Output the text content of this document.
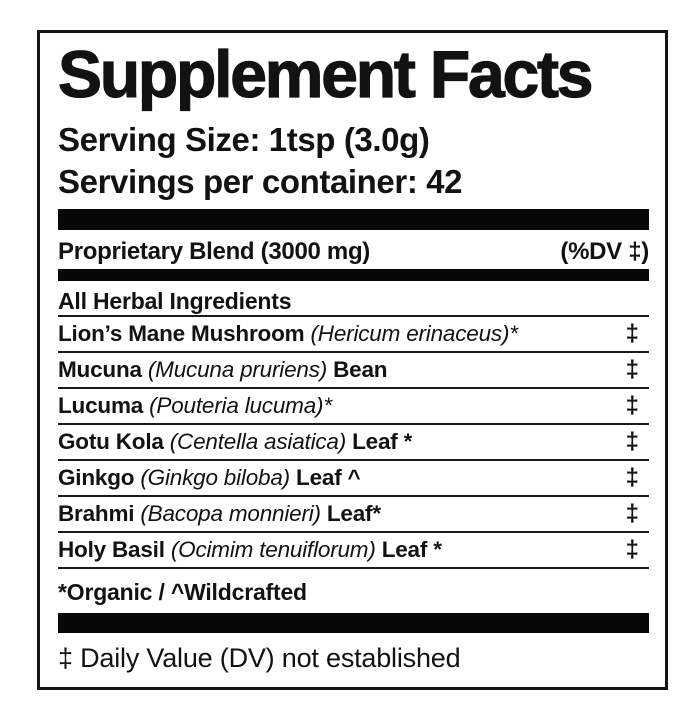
Supplement Facts
Serving Size: 1tsp (3.0g)
Servings per container: 42
Proprietary Blend (3000 mg)	(%DV ‡)
All Herbal Ingredients
Lion’s Mane Mushroom (Hericum erinaceus)*	‡
Mucuna (Mucuna pruriens) Bean	‡
Lucuma (Pouteria lucuma)*	‡
Gotu Kola (Centella asiatica) Leaf *	‡
Ginkgo (Ginkgo biloba) Leaf ^	‡
Brahmi (Bacopa monnieri) Leaf*	‡
Holy Basil (Ocimim tenuiflorum) Leaf *	‡
*Organic / ^Wildcrafted
‡ Daily Value (DV) not established
